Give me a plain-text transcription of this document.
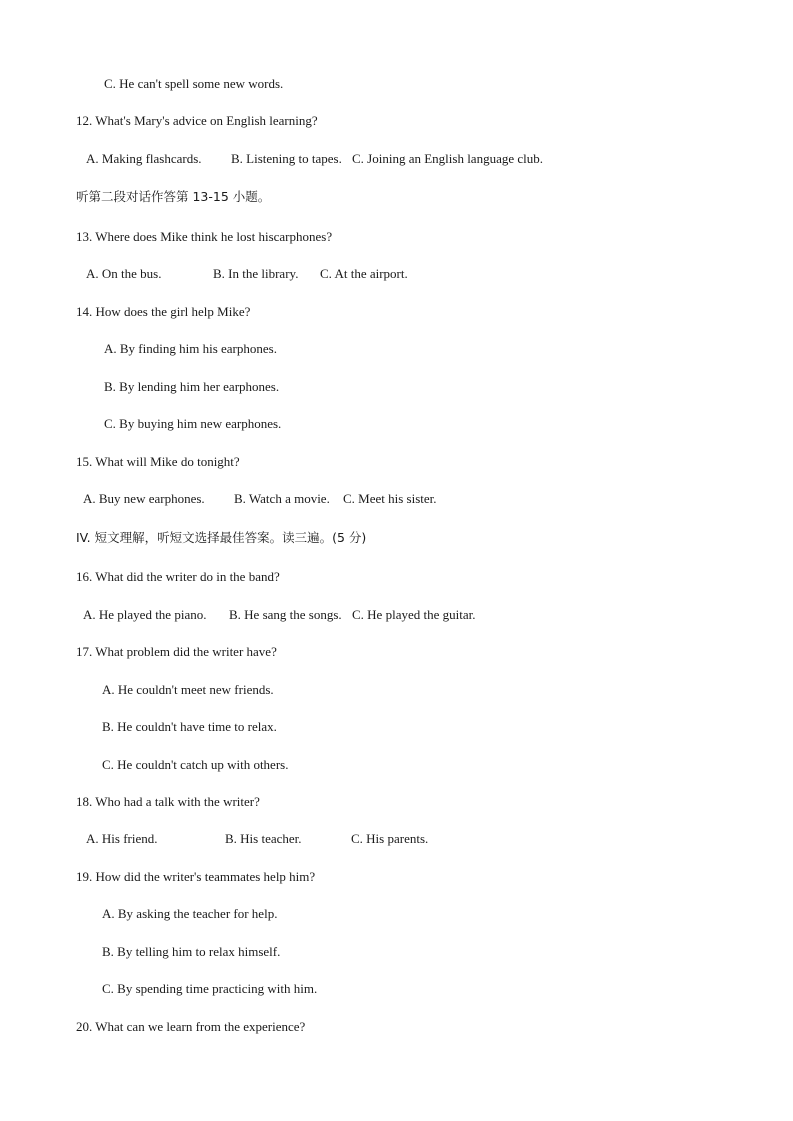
C. He can't spell some new words.
12. What's Mary's advice on English learning?

A. Making flashcards.

B. Listening to tapes.

C. Joining an English language club.

听第二段对话作答第 13-15 小题。
13. Where does Mike think he lost hiscarphones?

A. On the bus.

	B. In the library.

C. At the airport.

14. How does the girl help Mike?
A. By finding him his earphones.
B. By lending him her earphones.
C. By buying him new earphones.
15. What will Mike do tonight?

A. Buy new earphones.

B. Watch a movie.

C. Meet his sister.

IV. 短文理解，听短文选择最佳答案。读三遍。(5 分)
16. What did the writer do in the band?

A. He played the piano.

B. He sang the songs.

C. He played the guitar.

17. What problem did the writer have?
A. He couldn't meet new friends.
B. He couldn't have time to relax.
C. He couldn't catch up with others.
18. Who had a talk with the writer?

A. His friend.

	B. His teacher.

	C. His parents.

19. How did the writer's teammates help him?
A. By asking the teacher for help.
B. By telling him to relax himself.
C. By spending time practicing with him.
20. What can we learn from the experience?
